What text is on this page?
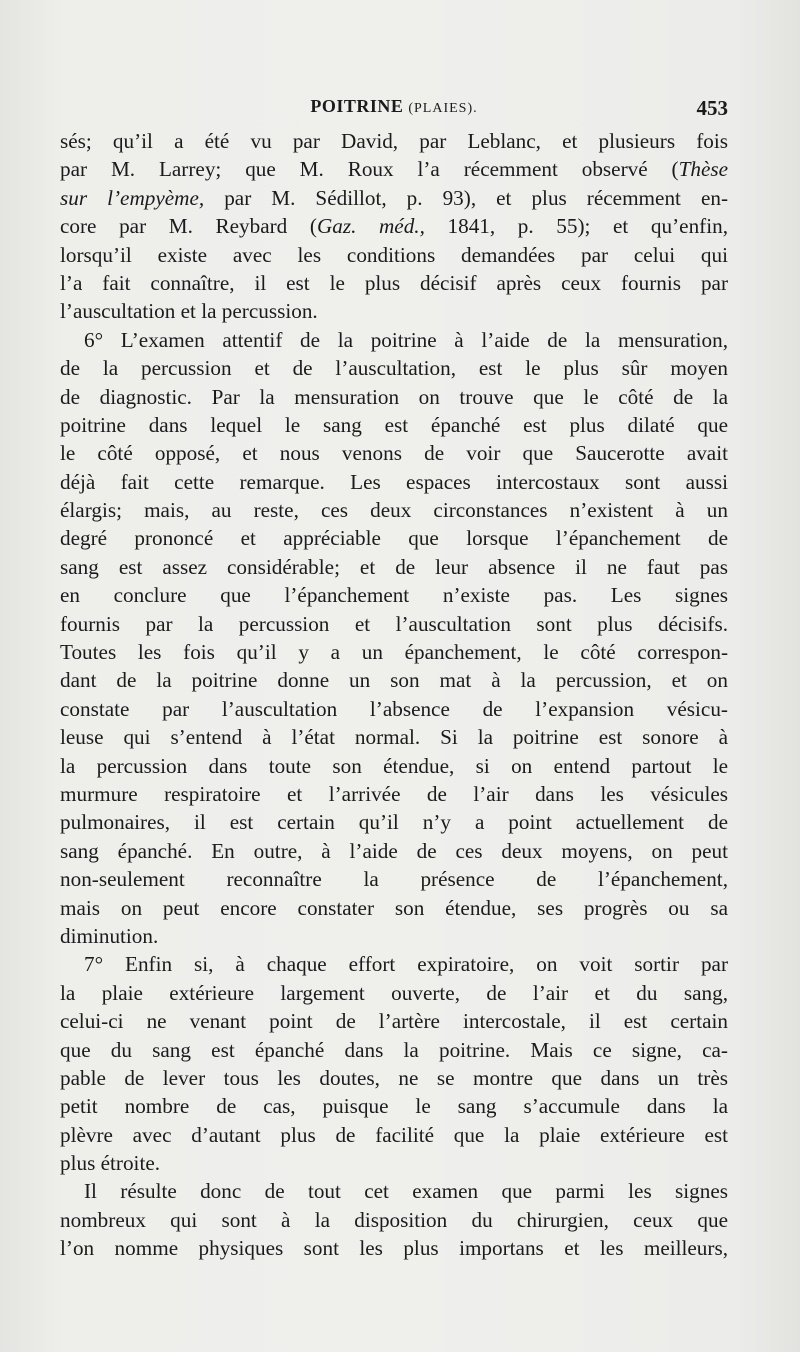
POITRINE (PLAIES).	453
sés; qu’il a été vu par David, par Leblanc, et plusieurs fois
par M. Larrey; que M. Roux l’a récemment observé (Thèse
sur l’empyème, par M. Sédillot, p. 93), et plus récemment en-
core par M. Reybard (Gaz. méd., 1841, p. 55); et qu’enfin,
lorsqu’il existe avec les conditions demandées par celui qui
l’a fait connaître, il est le plus décisif après ceux fournis par
l’auscultation et la percussion.
6° L’examen attentif de la poitrine à l’aide de la mensuration,
de la percussion et de l’auscultation, est le plus sûr moyen
de diagnostic. Par la mensuration on trouve que le côté de la
poitrine dans lequel le sang est épanché est plus dilaté que
le côté opposé, et nous venons de voir que Saucerotte avait
déjà fait cette remarque. Les espaces intercostaux sont aussi
élargis; mais, au reste, ces deux circonstances n’existent à un
degré prononcé et appréciable que lorsque l’épanchement de
sang est assez considérable; et de leur absence il ne faut pas
en conclure que l’épanchement n’existe pas. Les signes
fournis par la percussion et l’auscultation sont plus décisifs.
Toutes les fois qu’il y a un épanchement, le côté correspon-
dant de la poitrine donne un son mat à la percussion, et on
constate par l’auscultation l’absence de l’expansion vésicu-
leuse qui s’entend à l’état normal. Si la poitrine est sonore à
la percussion dans toute son étendue, si on entend partout le
murmure respiratoire et l’arrivée de l’air dans les vésicules
pulmonaires, il est certain qu’il n’y a point actuellement de
sang épanché. En outre, à l’aide de ces deux moyens, on peut
non-seulement reconnaître la présence de l’épanchement,
mais on peut encore constater son étendue, ses progrès ou sa
diminution.
7° Enfin si, à chaque effort expiratoire, on voit sortir par
la plaie extérieure largement ouverte, de l’air et du sang,
celui-ci ne venant point de l’artère intercostale, il est certain
que du sang est épanché dans la poitrine. Mais ce signe, ca-
pable de lever tous les doutes, ne se montre que dans un très
petit nombre de cas, puisque le sang s’accumule dans la
plèvre avec d’autant plus de facilité que la plaie extérieure est
plus étroite.
Il résulte donc de tout cet examen que parmi les signes
nombreux qui sont à la disposition du chirurgien, ceux que
l’on nomme physiques sont les plus importans et les meilleurs,
